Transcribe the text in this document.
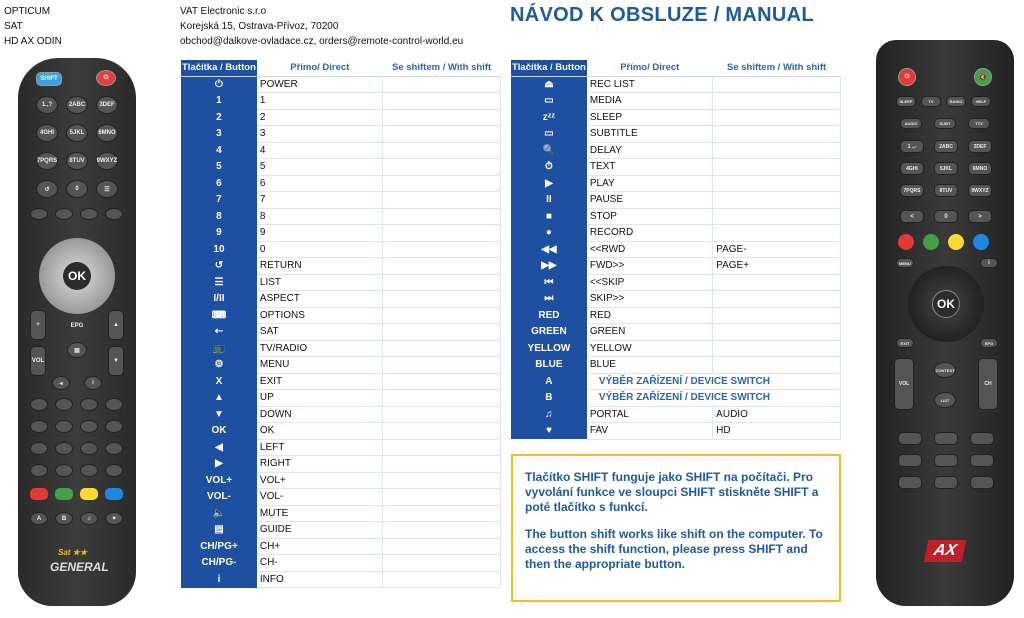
OPTICUM
SAT
HD AX ODIN
VAT Electronic s.r.o
Korejská 15, Ostrava-Přívoz, 70200
obchod@dalkove-ovladace.cz, orders@remote-control-world.eu
NÁVOD K OBSLUZE / MANUAL
SHIFT	⏻
1.,?	2ABC	3DEF
4GHI	5JKL	6MNO
7PQRS	8TUV	9WXYZ
↺	0	☰
OK
EPG
+
VOL
▲
▼
▤
◂	i
A	B	♫	♥
Sat ★★
GENERAL
⏻	🔇
SLEEP	TV	RADIO	HELP
AUDIO	SUBT	TTX
1 .,-	2ABC	3DEF
4GHI	5JKL	6MNO
7PQRS	8TUV	9WXYZ
<	0	>
MENU	i
OK
EXIT	EPG
VOL	CH
CONTEXT
LIST
AX
Tlačítka / Button	Přímo/ Direct	Se shiftem / With shift
⏻	POWER	
1	1	
2	2	
3	3	
4	4	
5	5	
6	6	
7	7	
8	8	
9	9	
10	0	
↺	RETURN	
☰	LIST	
I/II	ASPECT	
⌨	OPTIONS	
⇠	SAT	
📺	TV/RADIO	
⚙	MENU	
X	EXIT	
▲	UP	
▼	DOWN	
OK	OK	
◀	LEFT	
▶	RIGHT	
VOL+	VOL+	
VOL-	VOL-	
🔈	MUTE	
▤	GUIDE	
CH/PG+	CH+	
CH/PG-	CH-	
i	INFO	
Tlačítka / Button	Přímo/ Direct	Se shiftem / With shift
⏏	REC LIST	
▭	MEDIA	
zᶻᶻ	SLEEP	
▭	SUBTITLE	
🔍	DELAY	
⏱	TEXT	
▶	PLAY	
II	PAUSE	
■	STOP	
●	RECORD	
◀◀	<<RWD	PAGE-
▶▶	FWD>>	PAGE+
⏮	<<SKIP	
⏭	SKIP>>	
RED	RED	
GREEN	GREEN	
YELLOW	YELLOW	
BLUE	BLUE	
A	VÝBĚR ZAŘÍZENÍ / DEVICE SWITCH	
B	VÝBĚR ZAŘÍZENÍ / DEVICE SWITCH	
♫	PORTAL	AUDIO
♥	FAV	HD

Tlačítko SHIFT funguje jako SHIFT na počítači. Pro vyvolání funkce ve sloupci SHIFT stiskněte SHIFT a poté tlačítko s funkcí.

The button shift works like shift on the computer. To access the shift function, please press SHIFT and then the appropriate button.
